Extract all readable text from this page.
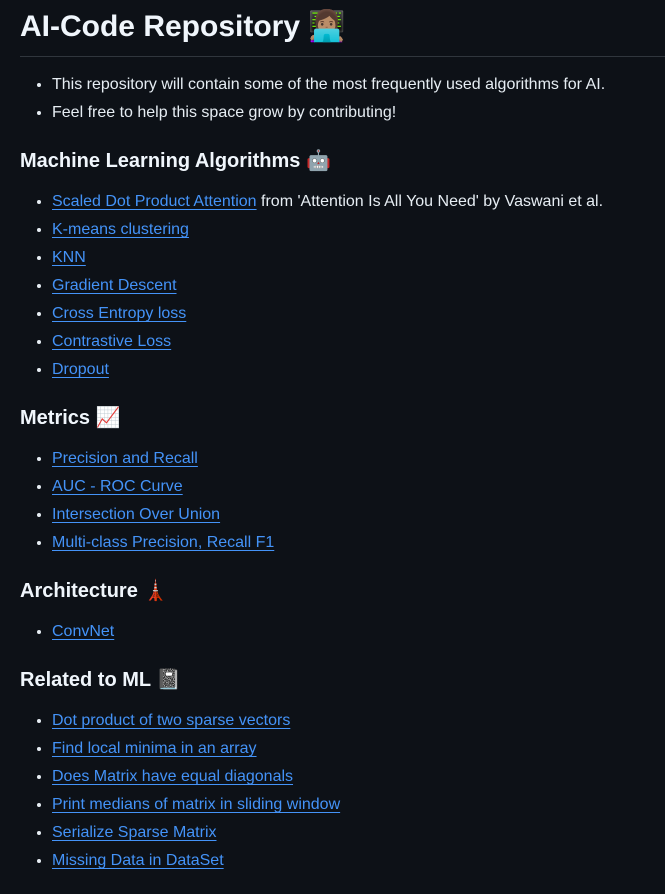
AI-Code Repository 👩🏽‍💻
• This repository will contain some of the most frequently used algorithms for AI.
• Feel free to help this space grow by contributing!
Machine Learning Algorithms 🤖
• Scaled Dot Product Attention from 'Attention Is All You Need' by Vaswani et al.
• K-means clustering
• KNN
• Gradient Descent
• Cross Entropy loss
• Contrastive Loss
• Dropout
Metrics 📈
• Precision and Recall
• AUC - ROC Curve
• Intersection Over Union
• Multi-class Precision, Recall F1
Architecture 🗼
• ConvNet
Related to ML 📓
• Dot product of two sparse vectors
• Find local minima in an array
• Does Matrix have equal diagonals
• Print medians of matrix in sliding window
• Serialize Sparse Matrix
• Missing Data in DataSet
